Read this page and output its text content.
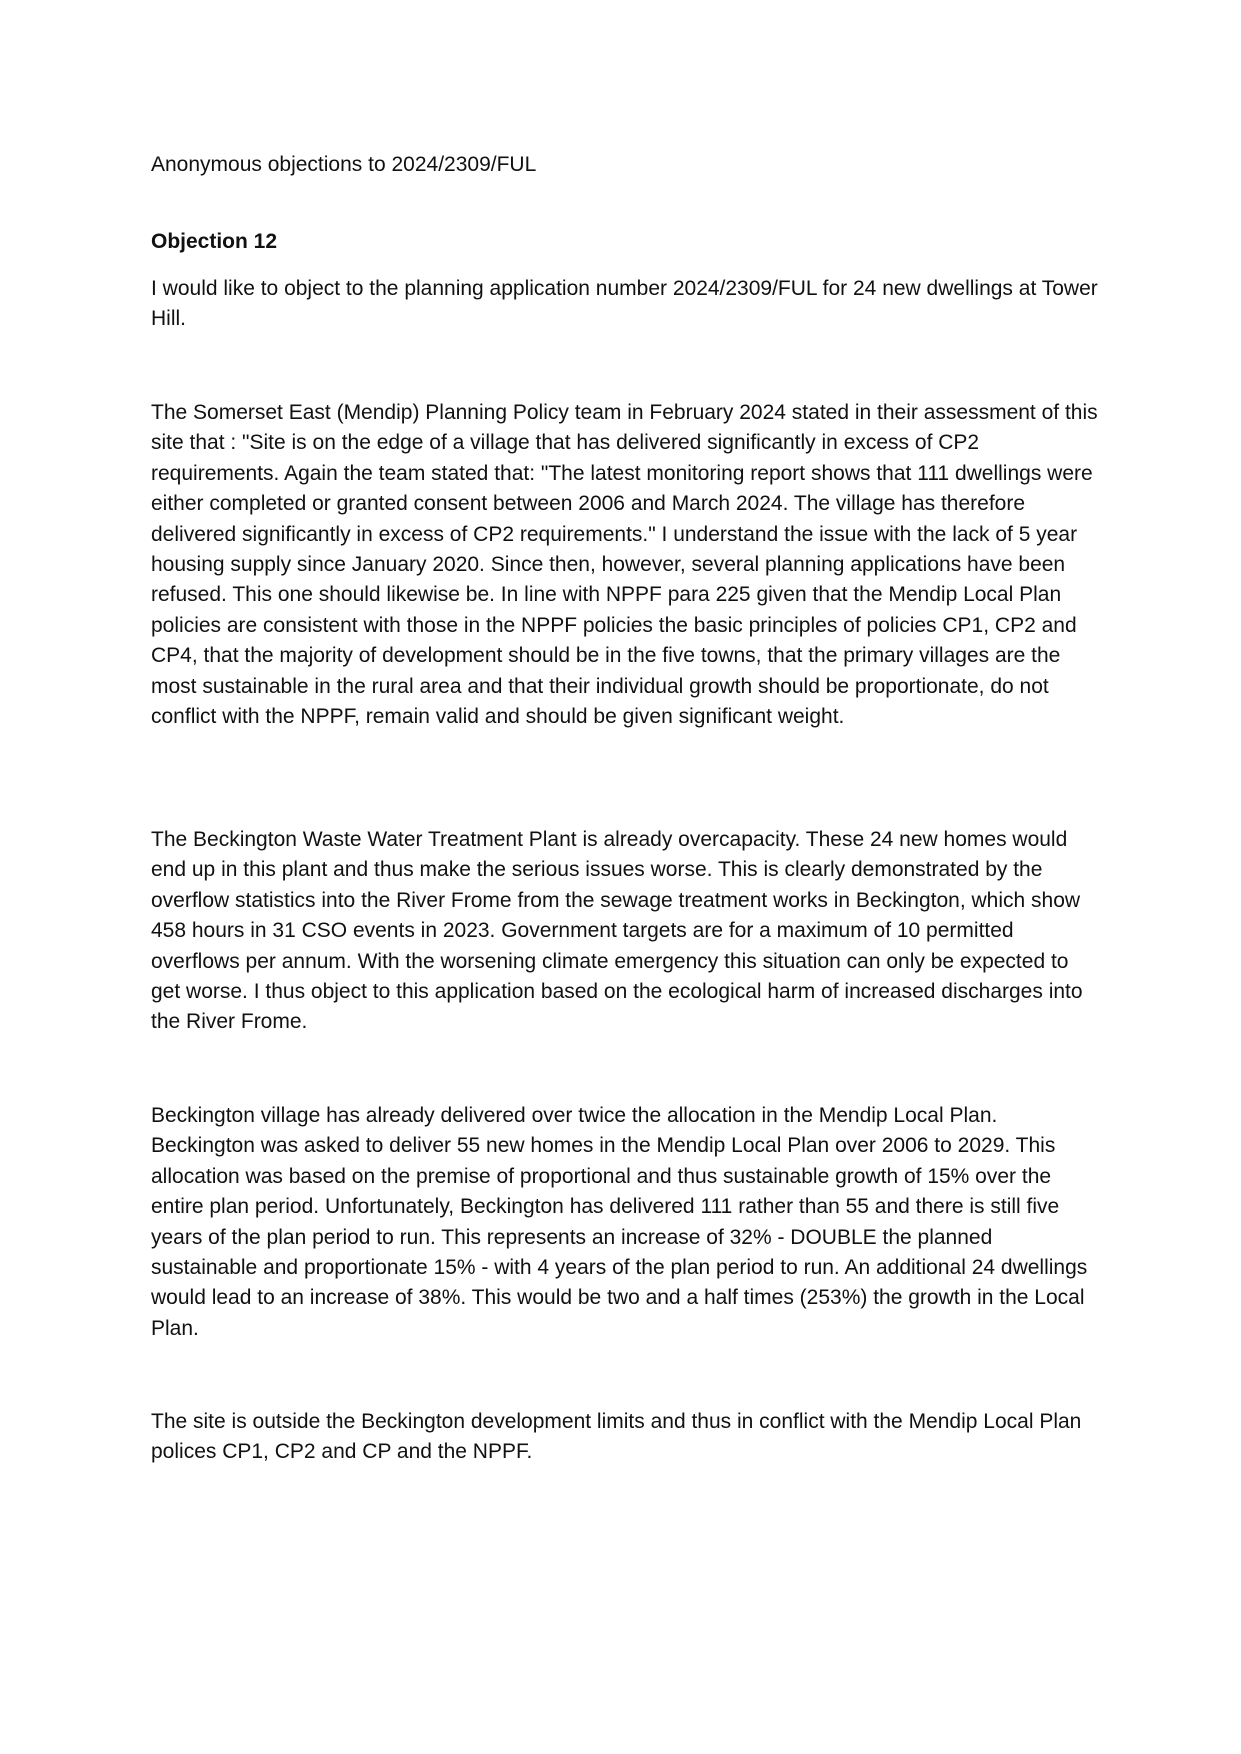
Anonymous objections to 2024/2309/FUL
Objection 12

I would like to object to the planning application number 2024/2309/FUL for 24 new dwellings at Tower Hill.

The Somerset East (Mendip) Planning Policy team in February 2024 stated in their assessment of this site that : "Site is on the edge of a village that has delivered significantly in excess of CP2 requirements. Again the team stated that: "The latest monitoring report shows that 111 dwellings were either completed or granted consent between 2006 and March 2024. The village has therefore delivered significantly in excess of CP2 requirements." I understand the issue with the lack of 5 year housing supply since January 2020. Since then, however, several planning applications have been refused. This one should likewise be. In line with NPPF para 225 given that the Mendip Local Plan policies are consistent with those in the NPPF policies the basic principles of policies CP1, CP2 and CP4, that the majority of development should be in the five towns, that the primary villages are the most sustainable in the rural area and that their individual growth should be proportionate, do not conflict with the NPPF, remain valid and should be given significant weight.

The Beckington Waste Water Treatment Plant is already overcapacity. These 24 new homes would end up in this plant and thus make the serious issues worse. This is clearly demonstrated by the overflow statistics into the River Frome from the sewage treatment works in Beckington, which show 458 hours in 31 CSO events in 2023. Government targets are for a maximum of 10 permitted overflows per annum. With the worsening climate emergency this situation can only be expected to get worse. I thus object to this application based on the ecological harm of increased discharges into the River Frome.

Beckington village has already delivered over twice the allocation in the Mendip Local Plan. Beckington was asked to deliver 55 new homes in the Mendip Local Plan over 2006 to 2029. This allocation was based on the premise of proportional and thus sustainable growth of 15% over the entire plan period. Unfortunately, Beckington has delivered 111 rather than 55 and there is still five years of the plan period to run. This represents an increase of 32% - DOUBLE the planned sustainable and proportionate 15% - with 4 years of the plan period to run. An additional 24 dwellings would lead to an increase of 38%. This would be two and a half times (253%) the growth in the Local Plan.

The site is outside the Beckington development limits and thus in conflict with the Mendip Local Plan polices CP1, CP2 and CP and the NPPF.
